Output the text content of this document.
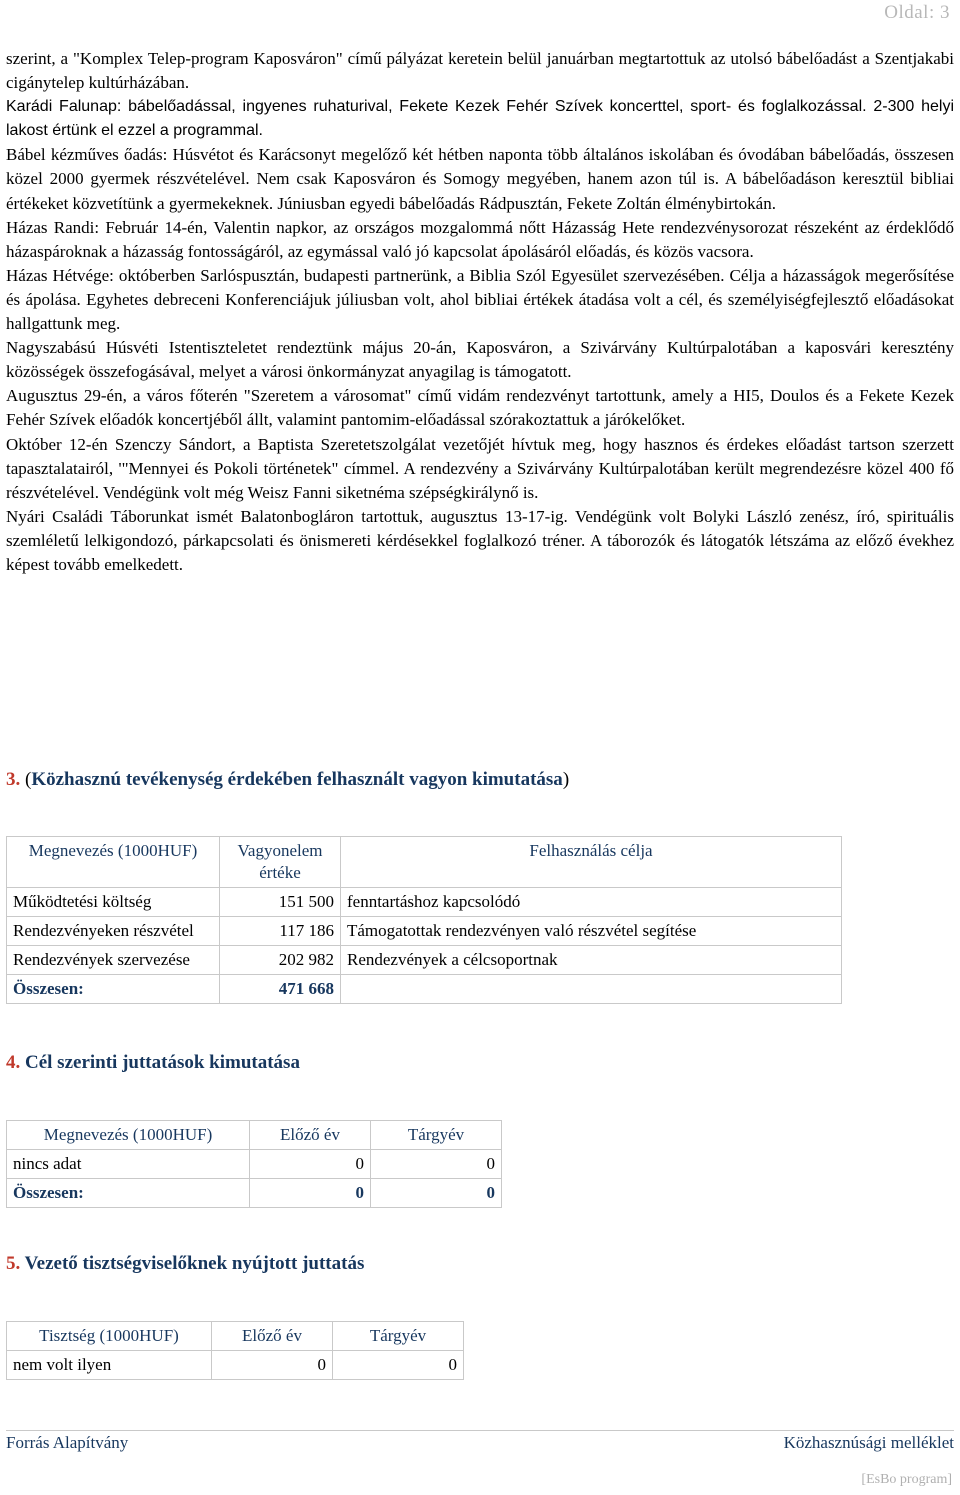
Oldal: 3

szerint, a "Komplex Telep-program Kaposváron" című pályázat keretein belül januárban megtartottuk az utolsó bábelőadást a Szentjakabi cigánytelep kultúrházában.

Karádi Falunap: bábelőadással, ingyenes ruhaturival, Fekete Kezek Fehér Szívek koncerttel, sport- és foglalkozással. 2-300 helyi lakost értünk el ezzel a programmal.

Bábel kézműves őadás: Húsvétot és Karácsonyt megelőző két hétben naponta több általános iskolában és óvodában bábelőadás, összesen közel 2000 gyermek részvételével. Nem csak Kaposváron és Somogy megyében, hanem azon túl is. A bábelőadáson keresztül bibliai értékeket közvetítünk a gyermekeknek. Júniusban egyedi bábelőadás Rádpusztán, Fekete Zoltán élménybirtokán.

Házas Randi: Február 14-én, Valentin napkor, az országos mozgalommá nőtt Házasság Hete rendezvénysorozat részeként az érdeklődő házaspároknak a házasság fontosságáról, az egymással való jó kapcsolat ápolásáról előadás, és közös vacsora.

Házas Hétvége: októberben Sarlóspusztán, budapesti partnerünk, a Biblia Szól Egyesület szervezésében. Célja a házasságok megerősítése és ápolása. Egyhetes debreceni Konferenciájuk júliusban volt, ahol bibliai értékek átadása volt a cél, és személyiségfejlesztő előadásokat hallgattunk meg.

Nagyszabású Húsvéti Istentiszteletet rendeztünk május 20-án, Kaposváron, a Szivárvány Kultúrpalotában a kaposvári keresztény közösségek összefogásával, melyet a városi önkormányzat anyagilag is támogatott.

Augusztus 29-én, a város főterén "Szeretem a városomat" című vidám rendezvényt tartottunk, amely a HI5, Doulos és a Fekete Kezek Fehér Szívek előadók koncertjéből állt, valamint pantomim-előadással szórakoztattuk a járókelőket.

Október 12-én Szenczy Sándort, a Baptista Szeretetszolgálat vezetőjét hívtuk meg, hogy hasznos és érdekes előadást tartson szerzett tapasztalatairól, '"Mennyei és Pokoli történetek" címmel. A rendezvény a Szivárvány Kultúrpalotában került megrendezésre közel 400 fő részvételével. Vendégünk volt még Weisz Fanni siketnéma szépségkirálynő is.

Nyári Családi Táborunkat ismét Balatonbogláron tartottuk, augusztus 13-17-ig. Vendégünk volt Bolyki László zenész, író, spirituális szemléletű lelkigondozó, párkapcsolati és önismereti kérdésekkel foglalkozó tréner. A táborozók és látogatók létszáma az előző évekhez képest tovább emelkedett.

3. (Közhasznú tevékenység érdekében felhasznált vagyon kimutatása)
Megnevezés (1000HUF)	Vagyonelem értéke	Felhasználás célja
Működtetési költség	151 500	fenntartáshoz kapcsolódó
Rendezvényeken részvétel	117 186	Támogatottak rendezvényen való részvétel segítése
Rendezvények szervezése	202 982	Rendezvények a célcsoportnak
Összesen:	471 668	
4. Cél szerinti juttatások kimutatása
Megnevezés (1000HUF)	Előző év	Tárgyév
nincs adat	0	0
Összesen:	0	0
5. Vezető tisztségviselőknek nyújtott juttatás
Tisztség (1000HUF)	Előző év	Tárgyév
nem volt ilyen	0	0
Forrás Alapítvány	Közhasznúsági melléklet
[EsBo program]
